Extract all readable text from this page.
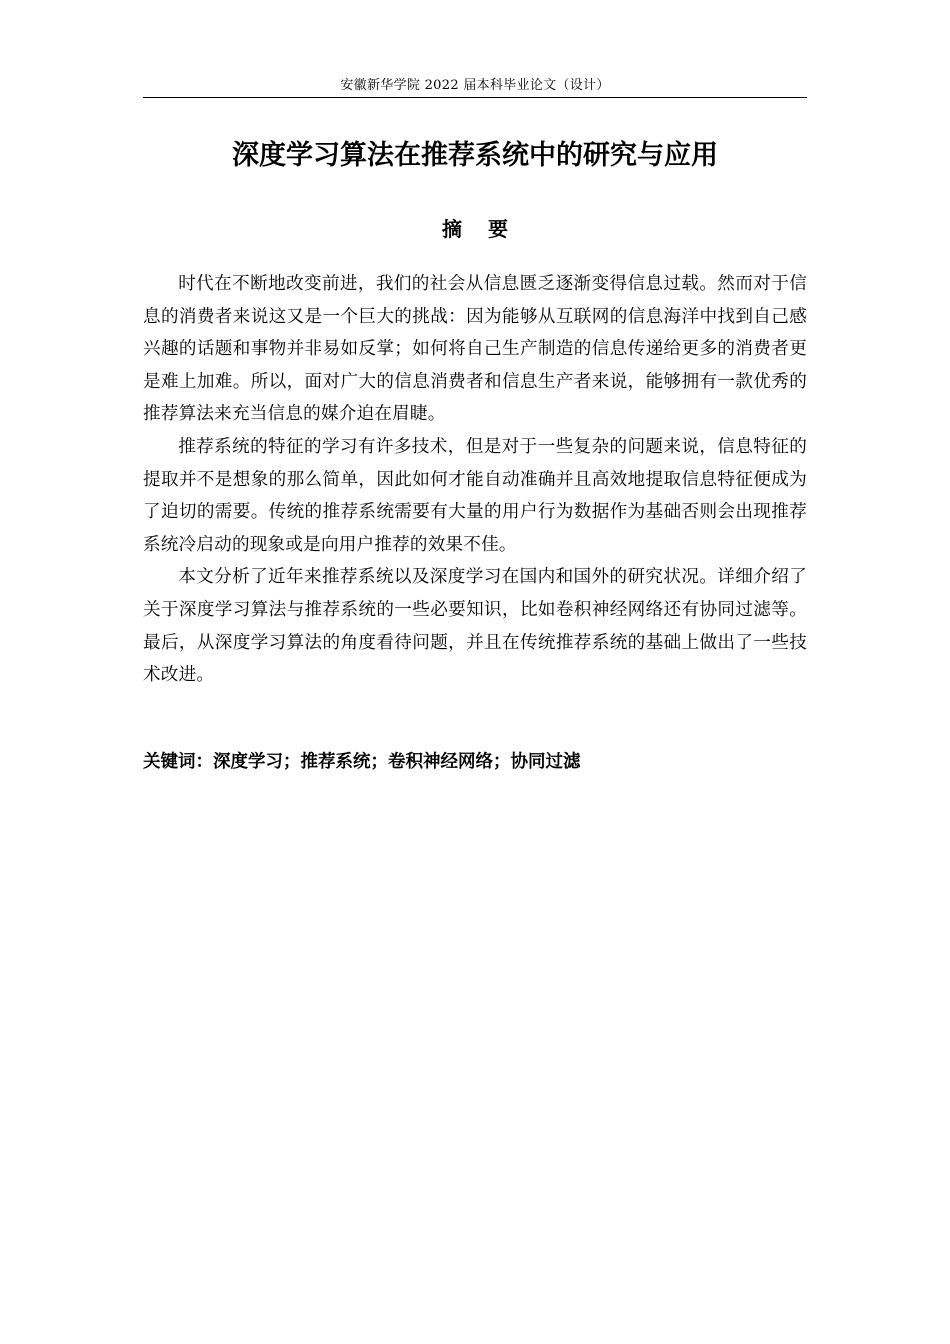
安徽新华学院 2022 届本科毕业论文（设计）
深度学习算法在推荐系统中的研究与应用
摘要

时代在不断地改变前进，我们的社会从信息匮乏逐渐变得信息过载。然而对于信息的消费者来说这又是一个巨大的挑战：因为能够从互联网的信息海洋中找到自己感兴趣的话题和事物并非易如反掌；如何将自己生产制造的信息传递给更多的消费者更是难上加难。所以，面对广大的信息消费者和信息生产者来说，能够拥有一款优秀的推荐算法来充当信息的媒介迫在眉睫。

推荐系统的特征的学习有许多技术，但是对于一些复杂的问题来说，信息特征的提取并不是想象的那么简单，因此如何才能自动准确并且高效地提取信息特征便成为了迫切的需要。传统的推荐系统需要有大量的用户行为数据作为基础否则会出现推荐系统冷启动的现象或是向用户推荐的效果不佳。

本文分析了近年来推荐系统以及深度学习在国内和国外的研究状况。详细介绍了关于深度学习算法与推荐系统的一些必要知识，比如卷积神经网络还有协同过滤等。最后，从深度学习算法的角度看待问题，并且在传统推荐系统的基础上做出了一些技术改进。

关键词：深度学习；推荐系统；卷积神经网络；协同过滤
